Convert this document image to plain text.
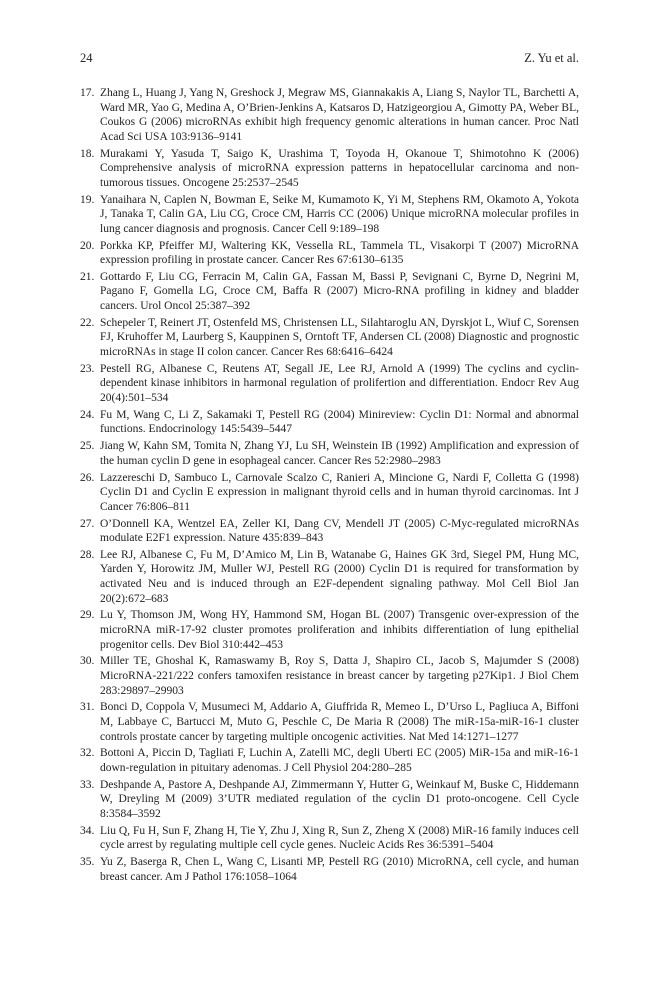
24	Z. Yu et al.
17. Zhang L, Huang J, Yang N, Greshock J, Megraw MS, Giannakakis A, Liang S, Naylor TL, Barchetti A, Ward MR, Yao G, Medina A, O’Brien-Jenkins A, Katsaros D, Hatzigeorgiou A, Gimotty PA, Weber BL, Coukos G (2006) microRNAs exhibit high frequency genomic alterations in human cancer. Proc Natl Acad Sci USA 103:9136–9141
18. Murakami Y, Yasuda T, Saigo K, Urashima T, Toyoda H, Okanoue T, Shimotohno K (2006) Comprehensive analysis of microRNA expression patterns in hepatocellular carcinoma and non-tumorous tissues. Oncogene 25:2537–2545
19. Yanaihara N, Caplen N, Bowman E, Seike M, Kumamoto K, Yi M, Stephens RM, Okamoto A, Yokota J, Tanaka T, Calin GA, Liu CG, Croce CM, Harris CC (2006) Unique microRNA molecular profiles in lung cancer diagnosis and prognosis. Cancer Cell 9:189–198
20. Porkka KP, Pfeiffer MJ, Waltering KK, Vessella RL, Tammela TL, Visakorpi T (2007) MicroRNA expression profiling in prostate cancer. Cancer Res 67:6130–6135
21. Gottardo F, Liu CG, Ferracin M, Calin GA, Fassan M, Bassi P, Sevignani C, Byrne D, Negrini M, Pagano F, Gomella LG, Croce CM, Baffa R (2007) Micro-RNA profiling in kidney and bladder cancers. Urol Oncol 25:387–392
22. Schepeler T, Reinert JT, Ostenfeld MS, Christensen LL, Silahtaroglu AN, Dyrskjot L, Wiuf C, Sorensen FJ, Kruhoffer M, Laurberg S, Kauppinen S, Orntoft TF, Andersen CL (2008) Diagnostic and prognostic microRNAs in stage II colon cancer. Cancer Res 68:6416–6424
23. Pestell RG, Albanese C, Reutens AT, Segall JE, Lee RJ, Arnold A (1999) The cyclins and cyclin-dependent kinase inhibitors in harmonal regulation of prolifertion and differentiation. Endocr Rev Aug 20(4):501–534
24. Fu M, Wang C, Li Z, Sakamaki T, Pestell RG (2004) Minireview: Cyclin D1: Normal and abnormal functions. Endocrinology 145:5439–5447
25. Jiang W, Kahn SM, Tomita N, Zhang YJ, Lu SH, Weinstein IB (1992) Amplification and expression of the human cyclin D gene in esophageal cancer. Cancer Res 52:2980–2983
26. Lazzereschi D, Sambuco L, Carnovale Scalzo C, Ranieri A, Mincione G, Nardi F, Colletta G (1998) Cyclin D1 and Cyclin E expression in malignant thyroid cells and in human thyroid carcinomas. Int J Cancer 76:806–811
27. O’Donnell KA, Wentzel EA, Zeller KI, Dang CV, Mendell JT (2005) C-Myc-regulated microRNAs modulate E2F1 expression. Nature 435:839–843
28. Lee RJ, Albanese C, Fu M, D’Amico M, Lin B, Watanabe G, Haines GK 3rd, Siegel PM, Hung MC, Yarden Y, Horowitz JM, Muller WJ, Pestell RG (2000) Cyclin D1 is required for transformation by activated Neu and is induced through an E2F-dependent signaling pathway. Mol Cell Biol Jan 20(2):672–683
29. Lu Y, Thomson JM, Wong HY, Hammond SM, Hogan BL (2007) Transgenic over-expression of the microRNA miR-17-92 cluster promotes proliferation and inhibits differentiation of lung epithelial progenitor cells. Dev Biol 310:442–453
30. Miller TE, Ghoshal K, Ramaswamy B, Roy S, Datta J, Shapiro CL, Jacob S, Majumder S (2008) MicroRNA-221/222 confers tamoxifen resistance in breast cancer by targeting p27Kip1. J Biol Chem 283:29897–29903
31. Bonci D, Coppola V, Musumeci M, Addario A, Giuffrida R, Memeo L, D’Urso L, Pagliuca A, Biffoni M, Labbaye C, Bartucci M, Muto G, Peschle C, De Maria R (2008) The miR-15a-miR-16-1 cluster controls prostate cancer by targeting multiple oncogenic activities. Nat Med 14:1271–1277
32. Bottoni A, Piccin D, Tagliati F, Luchin A, Zatelli MC, degli Uberti EC (2005) MiR-15a and miR-16-1 down-regulation in pituitary adenomas. J Cell Physiol 204:280–285
33. Deshpande A, Pastore A, Deshpande AJ, Zimmermann Y, Hutter G, Weinkauf M, Buske C, Hiddemann W, Dreyling M (2009) 3’UTR mediated regulation of the cyclin D1 proto-oncogene. Cell Cycle 8:3584–3592
34. Liu Q, Fu H, Sun F, Zhang H, Tie Y, Zhu J, Xing R, Sun Z, Zheng X (2008) MiR-16 family induces cell cycle arrest by regulating multiple cell cycle genes. Nucleic Acids Res 36:5391–5404
35. Yu Z, Baserga R, Chen L, Wang C, Lisanti MP, Pestell RG (2010) MicroRNA, cell cycle, and human breast cancer. Am J Pathol 176:1058–1064
